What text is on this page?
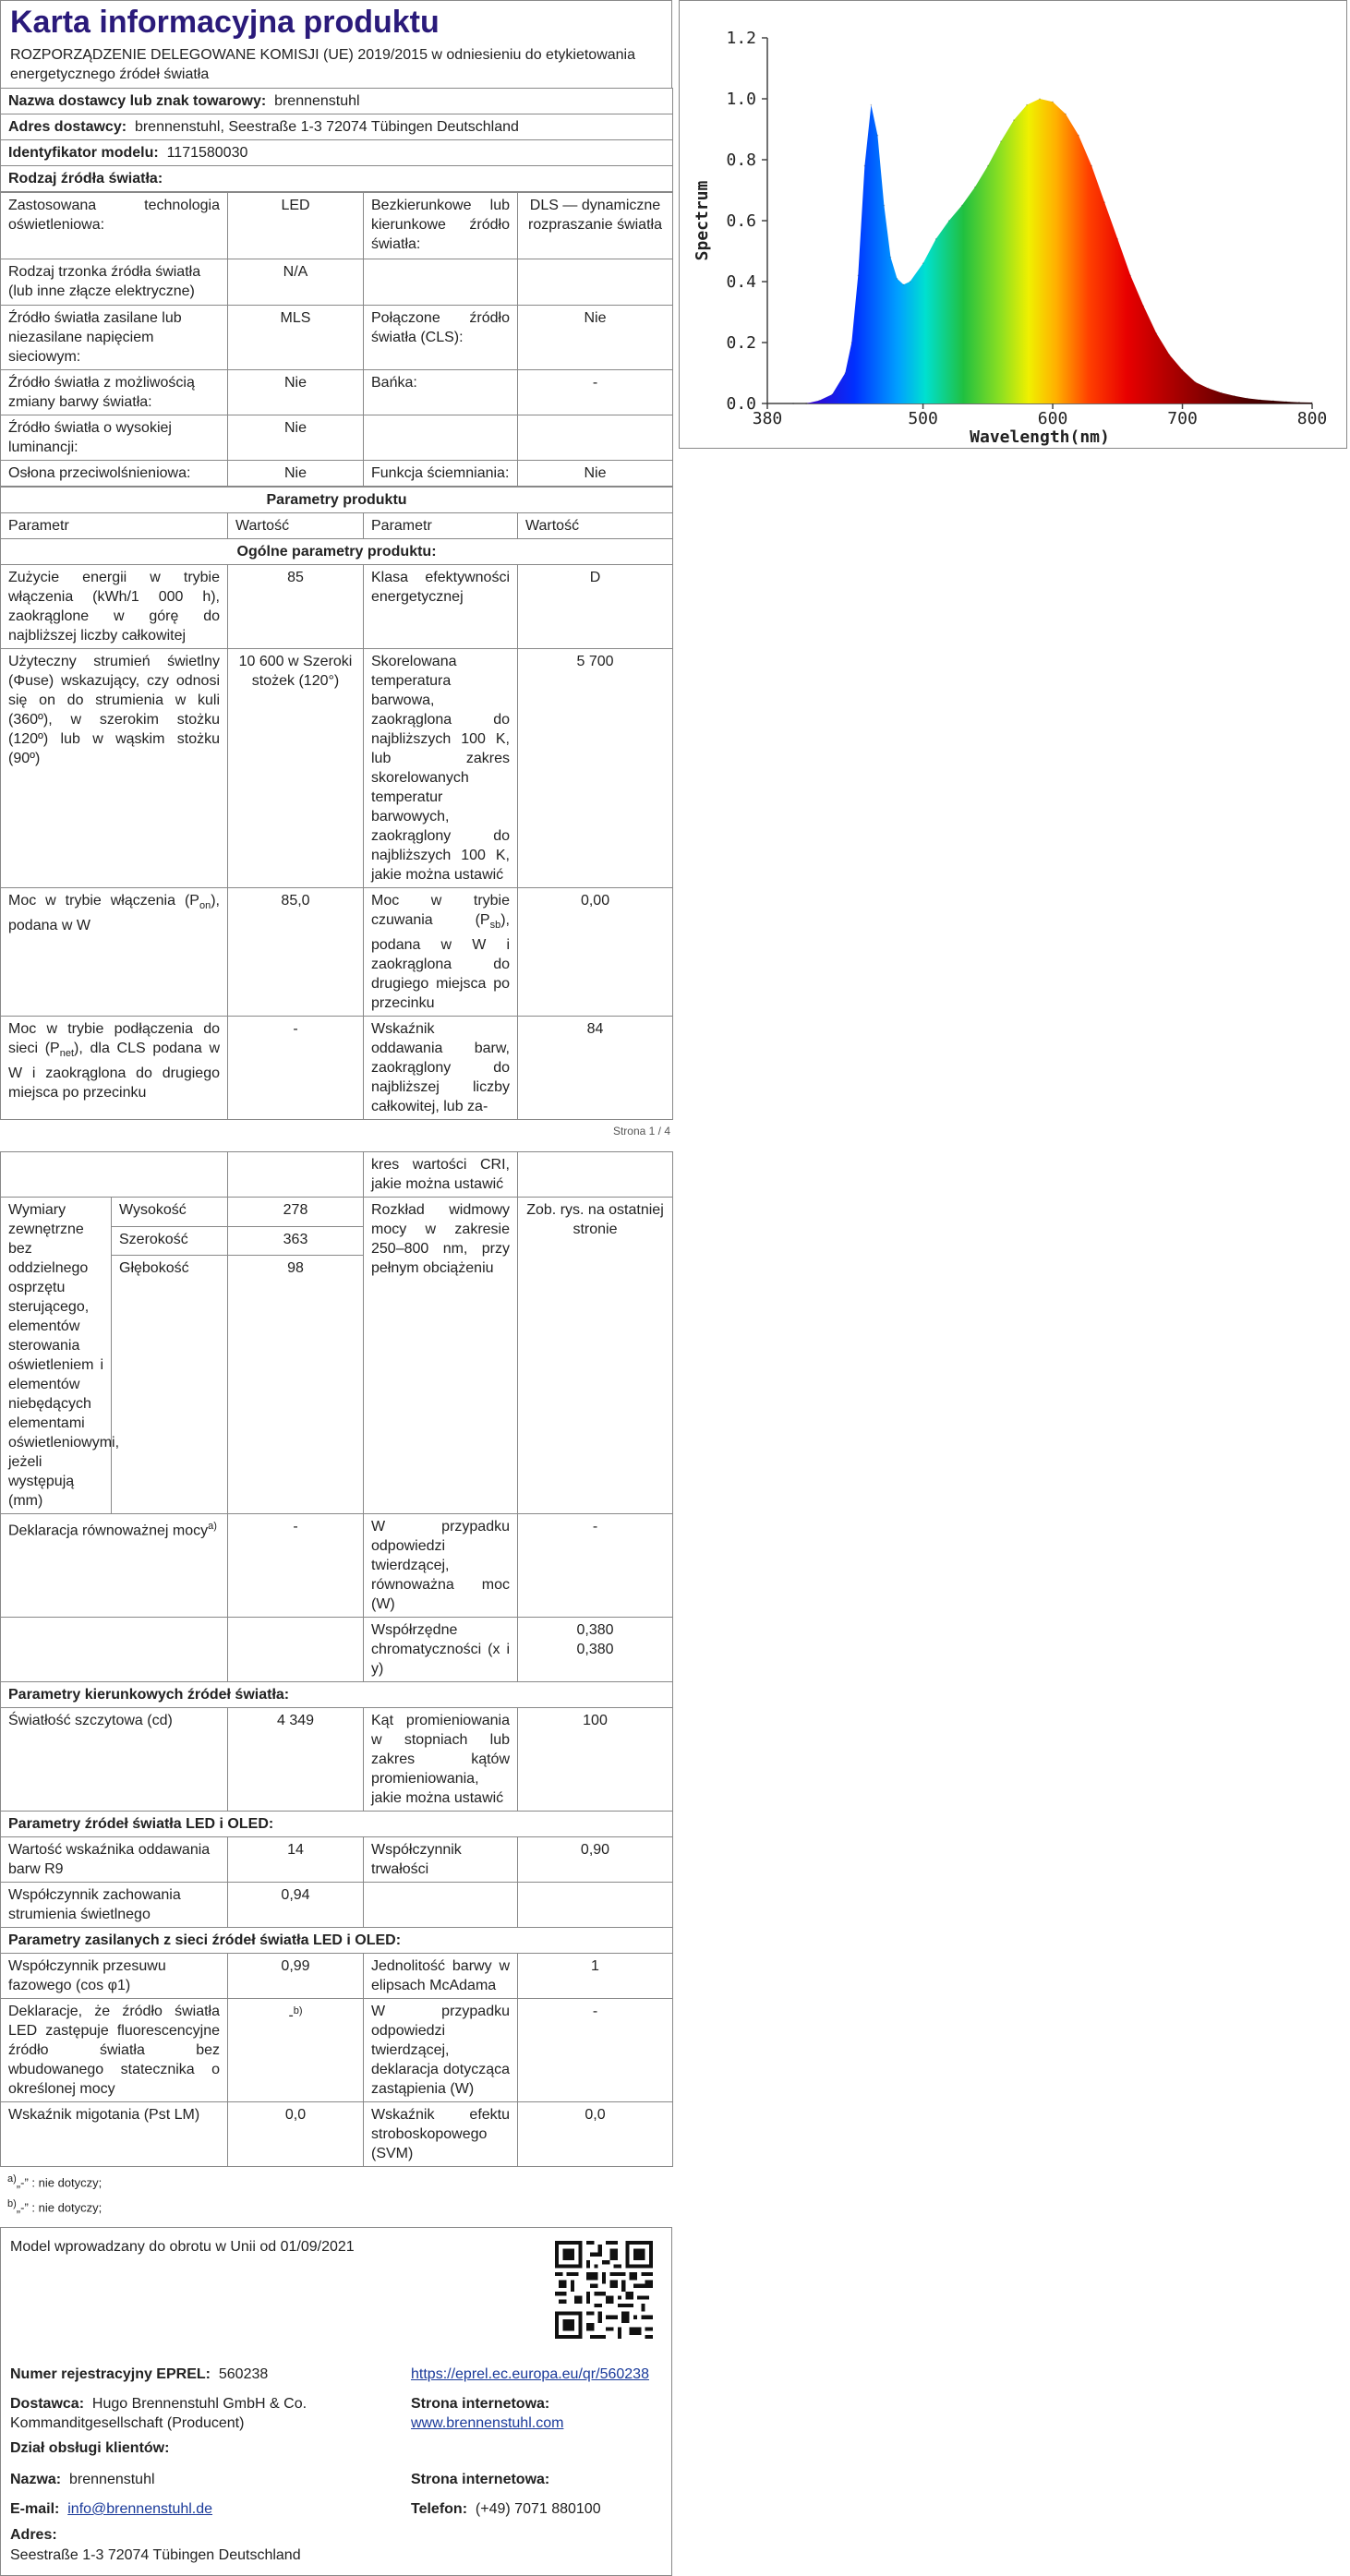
Karta informacyjna produktu
ROZPORZĄDZENIE DELEGOWANE KOMISJI (UE) 2019/2015 w odniesieniu do etykietowania energetycznego źródeł światła
Nazwa dostawcy lub znak towarowy: brennenstuhl
Adres dostawcy: brennenstuhl, Seestraße 1-3 72074 Tübingen Deutschland
Identyfikator modelu: 1171580030
Rodzaj źródła światła:
Zastosowana technologia oświetleniowa:	LED	Bezkierunkowe lub kierunkowe źródło światła:	DLS — dynamiczne rozpraszanie światła

Rodzaj trzonka źródła światła
(lub inne złącze elektryczne)	N/A		
Źródło światła zasilane lub niezasilane napięciem sieciowym:	MLS	Połączone źródło światła (CLS):	Nie
Źródło światła z możliwością zmiany barwy światła:	Nie	Bańka:	-
Źródło światła o wysokiej luminancji:	Nie		
Osłona przeciwolśnieniowa:	Nie	Funkcja ściemniania:	Nie
Parametry produktu			
Parametr	Wartość	Parametr	Wartość
Ogólne parametry produktu:			
Zużycie energii w trybie włączenia (kWh/1 000 h), zaokrąglone w górę do najbliższej liczby całkowitej	85	Klasa efektywności energetycznej	D
Użyteczny strumień świetlny (Φuse) wskazujący, czy odnosi się on do strumienia w kuli (360º), w szerokim stożku (120º) lub w wąskim stożku (90º)	10 600 w Szeroki stożek (120°)	Skorelowana temperatura barwowa, zaokrąglona do najbliższych 100 K, lub zakres skorelowanych temperatur barwowych, zaokrąglony do najbliższych 100 K, jakie można ustawić	5 700
Moc w trybie włączenia $(P_{on})$, podana w W	85,0	Moc w trybie czuwania $(P_{sb})$, podana w W i zaokrąglona do drugiego miejsca po przecinku	0,00
Moc w trybie podłączenia do sieci $(P_{net})$, dla CLS podana w W i zaokrąglona do drugiego miejsca po przecinku	-	Wskaźnik oddawania barw, zaokrąglony do najbliższej liczby całkowitej, lub za-	84
Strona 1 / 4
			kres wartości CRI, jakie można ustawić	
Wymiary zewnętrzne bez oddzielnego osprzętu sterującego, elementów sterowania oświetleniem i elementów niebędących elementami oświetleniowymi, jeżeli występują (mm)	Wysokość	278	Rozkład widmowy mocy w zakresie 250–800 nm, przy pełnym obciążeniu	Zob. rys. na ostatniej stronie
	Szerokość	363		
	Głębokość	98		
Deklaracja równoważnej mocy$^{a)}$		-	W przypadku odpowiedzi twierdzącej, równoważna moc (W)	-
			Współrzędne chromatyczności (x i y)	0,380
0,380

Parametry kierunkowych źródeł światła:				
Światłość szczytowa (cd)		4 349	Kąt promieniowania w stopniach lub zakres kątów promieniowania, jakie można ustawić	100
Parametry źródeł światła LED i OLED:				
Wartość wskaźnika oddawania barw R9		14	Współczynnik trwałości	0,90
Współczynnik zachowania strumienia świetlnego		0,94		
Parametry zasilanych z sieci źródeł światła LED i OLED:				
Współczynnik przesuwu fazowego (cos φ1)		0,99	Jednolitość barwy w elipsach McAdama	1
Deklaracje, że źródło światła LED zastępuje fluorescencyjne źródło światła bez wbudowanego statecznika o określonej mocy		-$^{b)}$	W przypadku odpowiedzi twierdzącej, deklaracja dotycząca zastąpienia (W)	-
Wskaźnik migotania (Pst LM)		0,0	Wskaźnik efektu stroboskopowego (SVM)	0,0
$^{a)}$„-” : nie dotyczy;
$^{b)}$„-” : nie dotyczy;
Model wprowadzany do obrotu w Unii od 01/09/2021
Numer rejestracyjny EPREL: 560238	https://eprel.ec.europa.eu/qr/560238
Dostawca: Hugo Brennenstuhl GmbH & Co. Kommanditgesellschaft (Producent)
Strona internetowa:  www.brennenstuhl.com
Dział obsługi klientów:
Nazwa: brennenstuhl	Strona internetowa:
E-mail: info@brennenstuhl.de	Telefon: (+49) 7071 880100
Adres:
Seestraße 1-3 72074 Tübingen Deutschland
0.0
0.2
0.4
0.6
0.8
1.0
1.2
380	500	600	700	800
Wavelength(nm)
Spectrum
